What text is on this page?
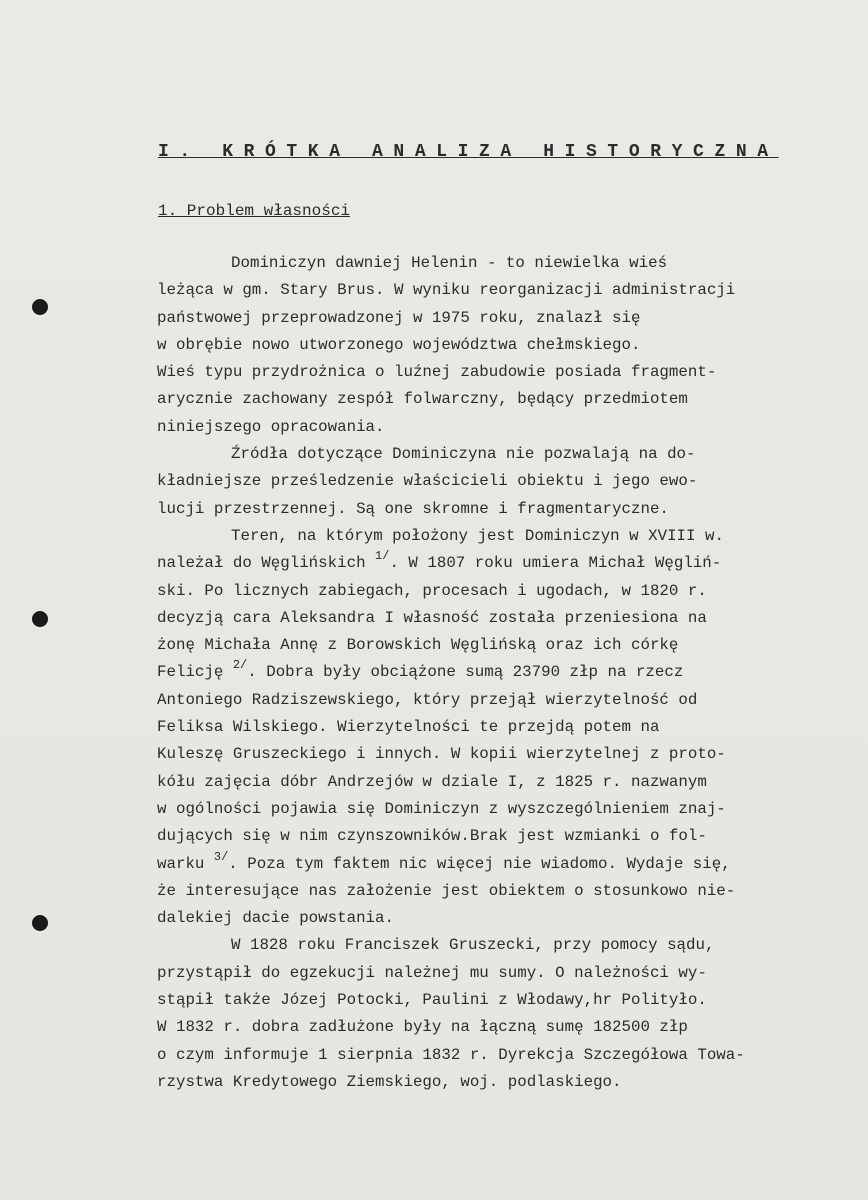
I. KRÓTKA ANALIZA HISTORYCZNA
1. Problem własności
Dominiczyn dawniej Helenin - to niewielka wieś
leżąca w gm. Stary Brus. W wyniku reorganizacji administracji
państwowej przeprowadzonej w 1975 roku, znalazł się
w obrębie nowo utworzonego województwa chełmskiego.
Wieś typu przydrożnica o luźnej zabudowie posiada fragment-
arycznie zachowany zespół folwarczny, będący przedmiotem
niniejszego opracowania.
Źródła dotyczące Dominiczyna nie pozwalają na do-
kładniejsze prześledzenie właścicieli obiektu i jego ewo-
lucji przestrzennej. Są one skromne i fragmentaryczne.
Teren, na którym położony jest Dominiczyn w XVIII w.
należał do Węglińskich $^{1/}$. W 1807 roku umiera Michał Węgliń-
ski. Po licznych zabiegach, procesach i ugodach, w 1820 r.
decyzją cara Aleksandra I własność została przeniesiona na
żonę Michała Annę z Borowskich Węglińską oraz ich córkę
Felicję $^{2/}$. Dobra były obciążone sumą 23790 złp na rzecz
Antoniego Radziszewskiego, który przejął wierzytelność od
Feliksa Wilskiego. Wierzytelności te przejdą potem na
Kuleszę Gruszeckiego i innych. W kopii wierzytelnej z proto-
kółu zajęcia dóbr Andrzejów w dziale I, z 1825 r. nazwanym
w ogólności pojawia się Dominiczyn z wyszczególnieniem znaj-
dujących się w nim czynszowników.Brak jest wzmianki o fol-
warku $^{3/}$. Poza tym faktem nic więcej nie wiadomo. Wydaje się,
że interesujące nas założenie jest obiektem o stosunkowo nie-
dalekiej dacie powstania.
W 1828 roku Franciszek Gruszecki, przy pomocy sądu,
przystąpił do egzekucji należnej mu sumy. O należności wy-
stąpił także Józej Potocki, Paulini z Włodawy,hr Polityło.
W 1832 r. dobra zadłużone były na łączną sumę 182500 złp
o czym informuje 1 sierpnia 1832 r. Dyrekcja Szczegółowa Towa-
rzystwa Kredytowego Ziemskiego, woj. podlaskiego.
